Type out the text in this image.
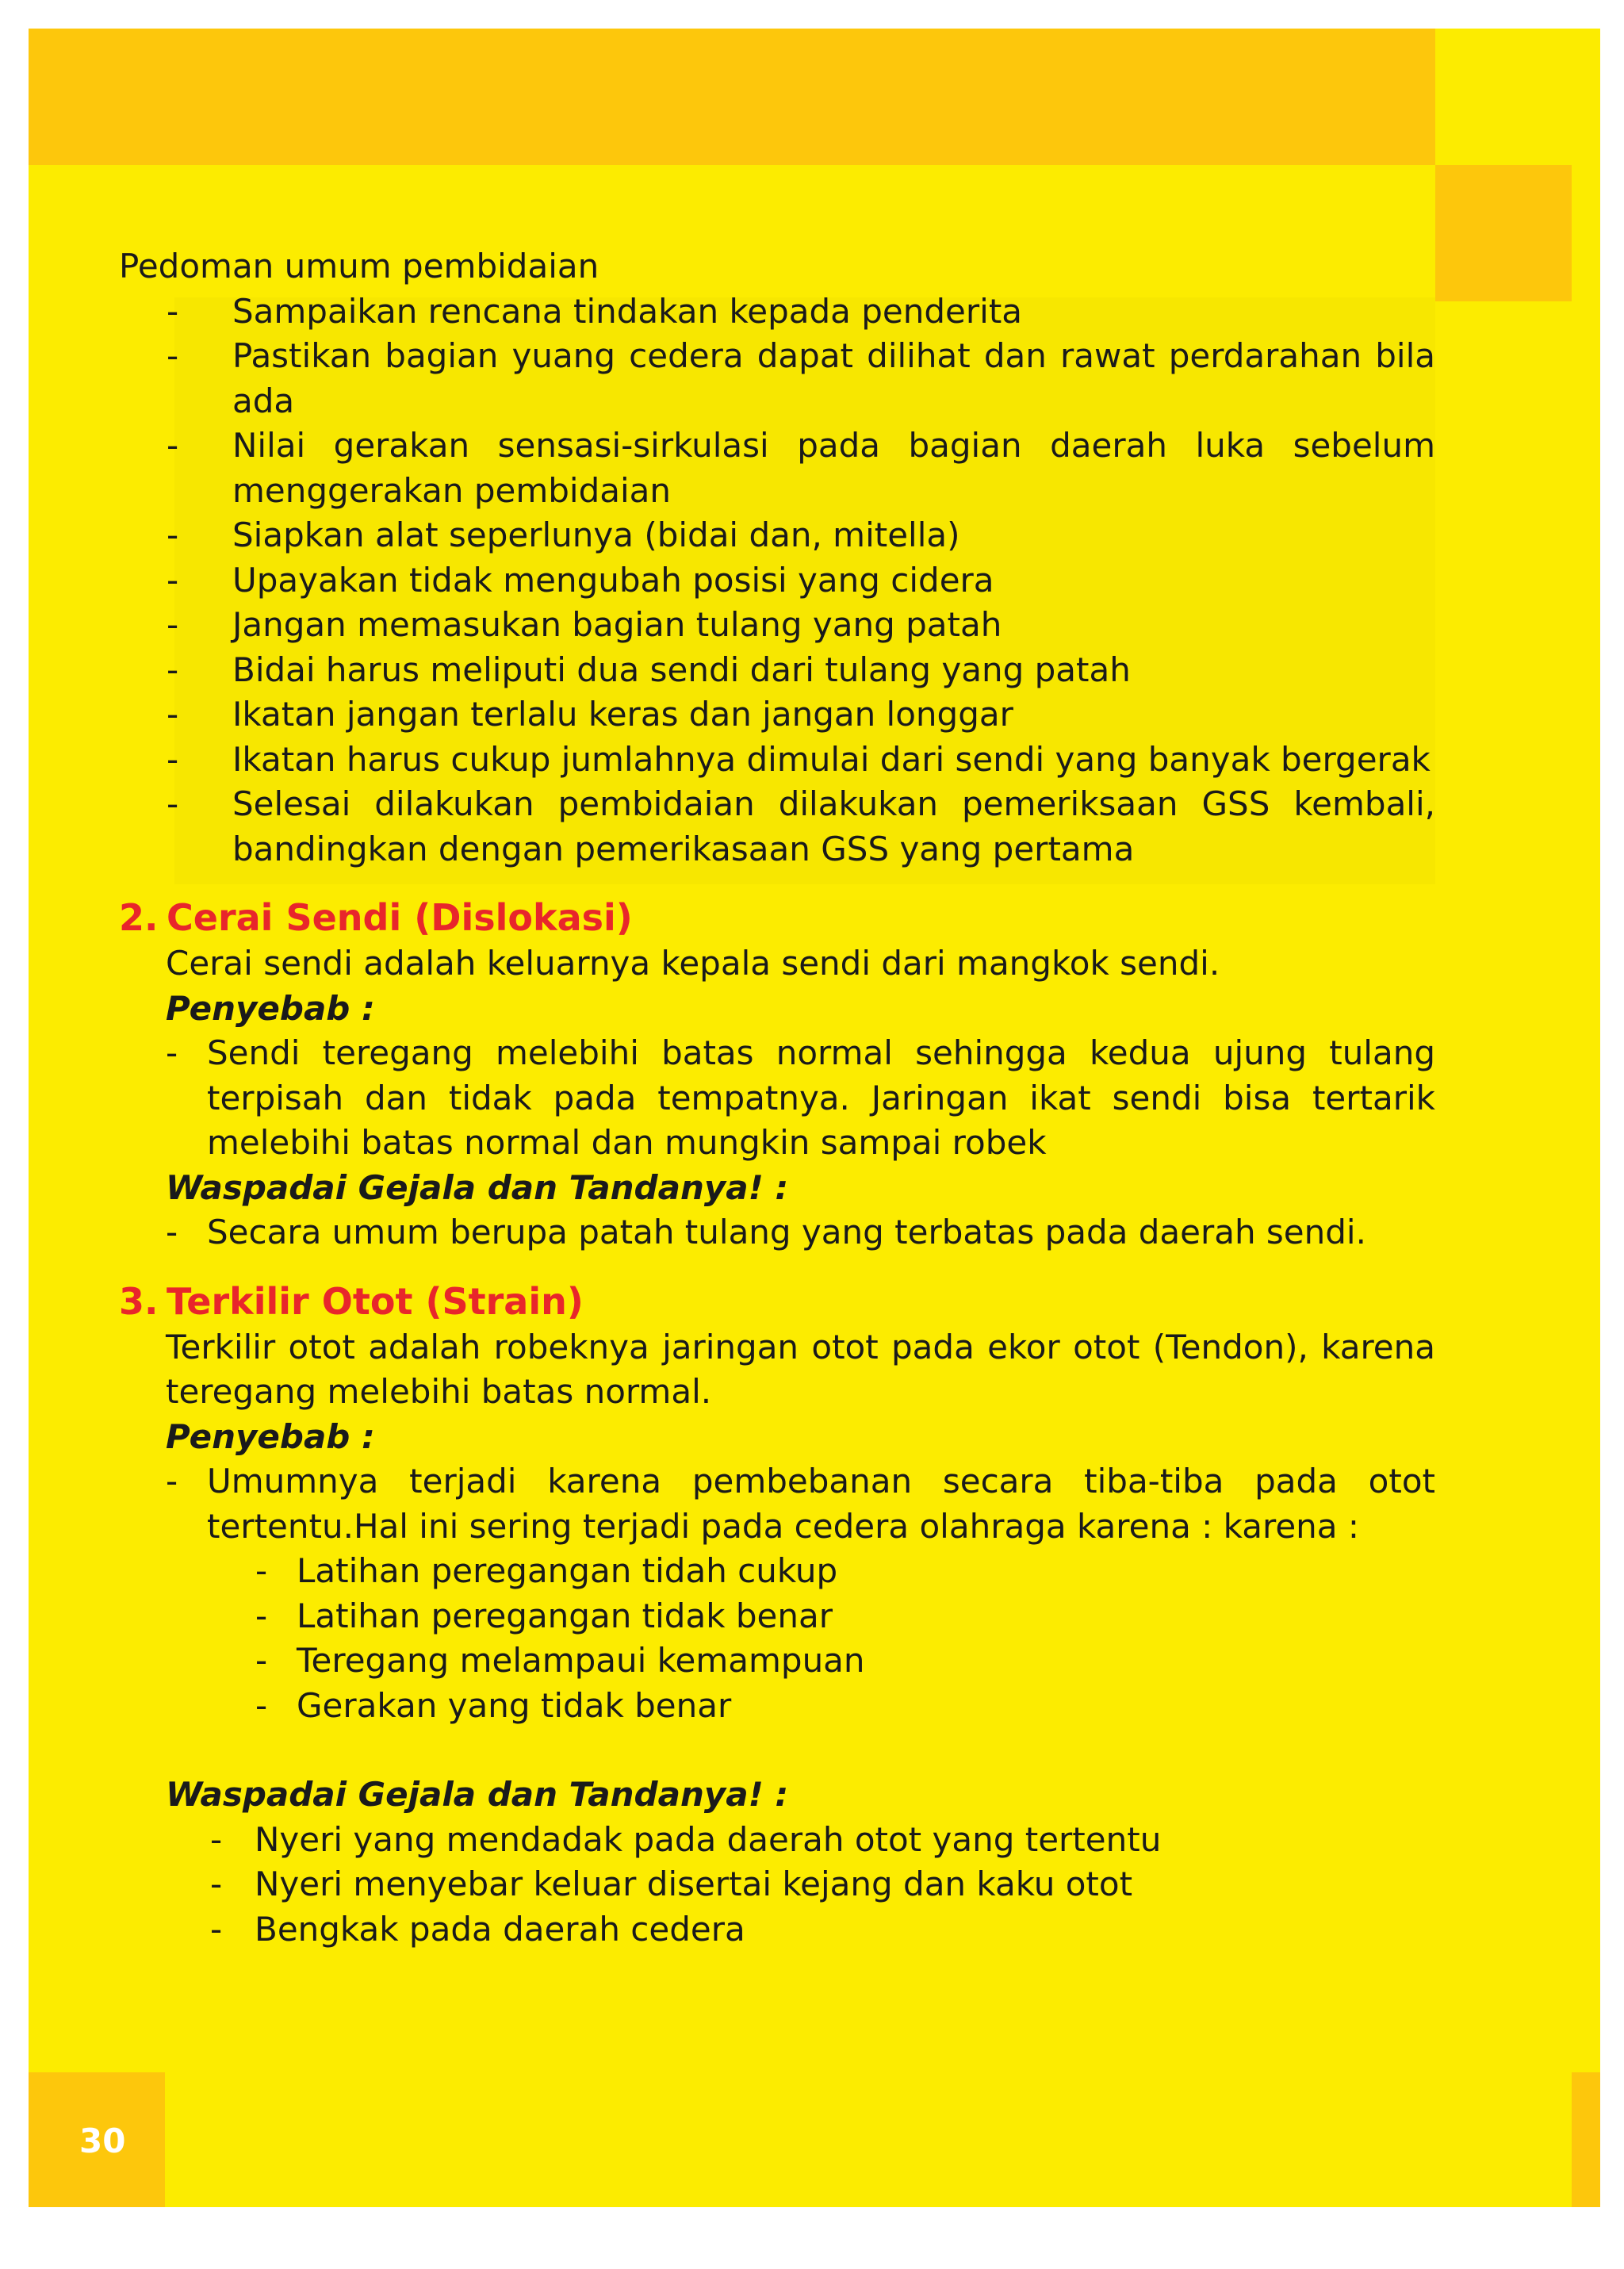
30

Pedoman umum pembidaian

- Sampaikan rencana tindakan kepada penderita
- Pastikan bagian yuang cedera dapat dilihat dan rawat perdarahan bila ada
- Nilai gerakan sensasi-sirkulasi pada bagian daerah luka sebelum menggerakan pembidaian
- Siapkan alat seperlunya (bidai dan, mitella)
- Upayakan tidak mengubah posisi yang cidera
- Jangan memasukan bagian tulang yang patah
- Bidai harus meliputi dua sendi dari tulang yang patah
- Ikatan jangan terlalu keras dan jangan longgar
- Ikatan harus cukup jumlahnya dimulai dari sendi yang banyak bergerak
- Selesai dilakukan pembidaian dilakukan pemeriksaan GSS kembali, bandingkan dengan pemerikasaan GSS yang pertama
2. Cerai Sendi (Dislokasi)

Cerai sendi adalah keluarnya kepala sendi dari mangkok sendi.

Penyebab :

- Sendi teregang melebihi batas normal sehingga kedua ujung tulang terpisah dan tidak pada tempatnya. Jaringan ikat sendi bisa tertarik melebihi batas normal dan mungkin sampai robek

Waspadai Gejala dan Tandanya! :

- Secara umum berupa patah tulang yang terbatas pada daerah sendi.
3. Terkilir Otot (Strain)

Terkilir otot adalah robeknya jaringan otot pada ekor otot (Tendon), karena teregang melebihi batas normal.

Penyebab :

- Umumnya terjadi karena pembebanan secara tiba-tiba pada otot tertentu.Hal ini sering terjadi pada cedera olahraga karena : karena :
- Latihan peregangan tidah cukup
- Latihan peregangan tidak benar
- Teregang melampaui kemampuan
- Gerakan yang tidak benar

Waspadai Gejala dan Tandanya! :

- Nyeri yang mendadak pada daerah otot yang tertentu
- Nyeri menyebar keluar disertai kejang dan kaku otot
- Bengkak pada daerah cedera
